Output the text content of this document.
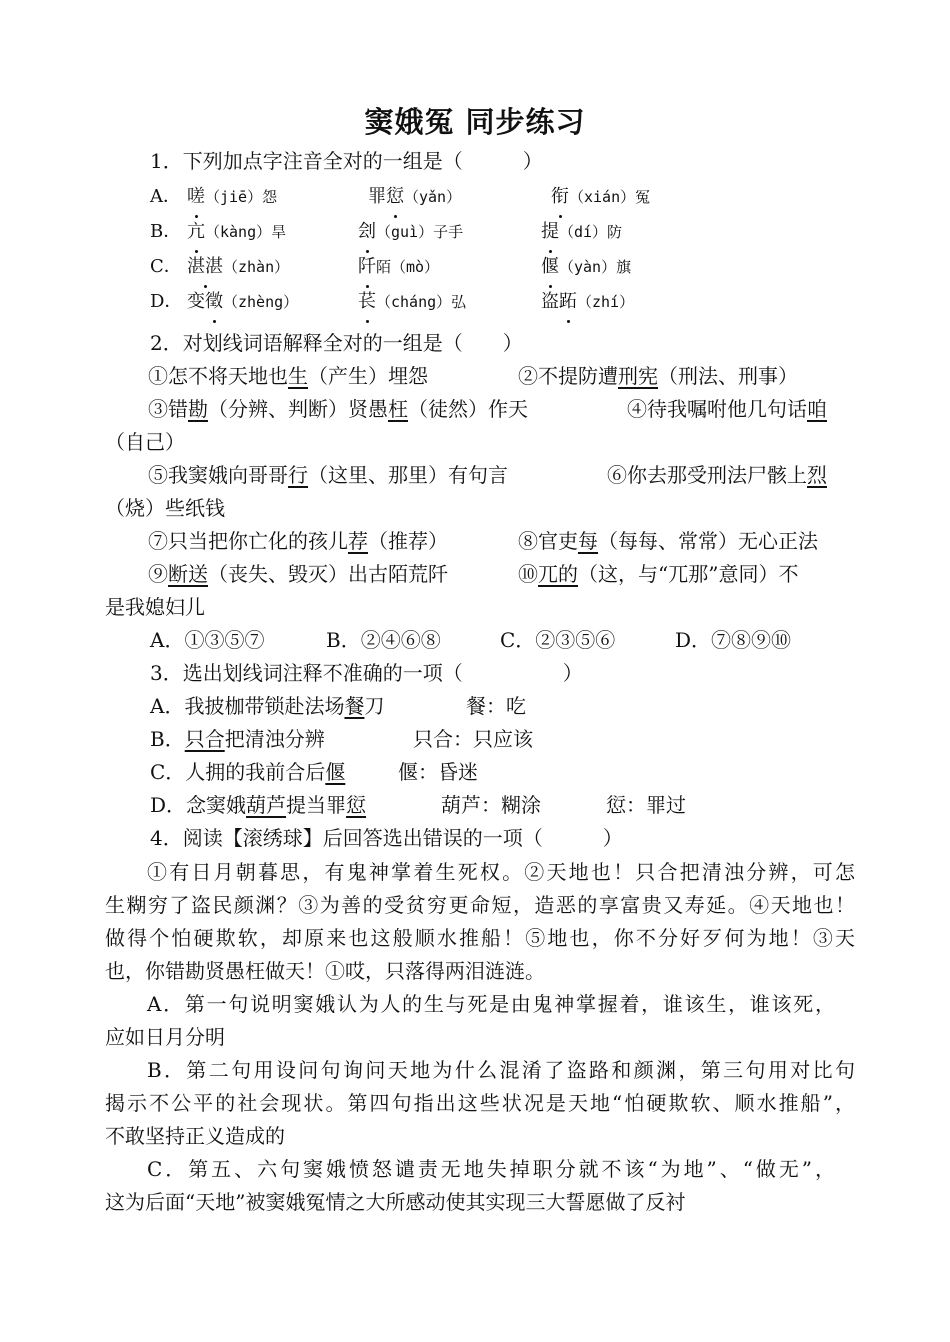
窦娥冤 同步练习
1．下列加点字注音全对的一组是（　　　）
A． 嗟（jiē）怨	罪愆（yǎn）	衔（xián）冤
B． 亢（kàng）旱	刽（guì）子手	提（dí）防
C． 湛湛（zhàn）	阡陌（mò）	偃（yàn）旗
D． 变徵（zhèng）	苌（cháng）弘	盗跖（zhí）
2．对划线词语解释全对的一组是（　　）
①怎不将天地也生（产生）埋怨	②不提防遭刑宪（刑法、刑事）
③错勘（分辨、判断）贤愚枉（徒然）作天	④待我嘱咐他几句话咱
（自己）
⑤我窦娥向哥哥行（这里、那里）有句言	⑥你去那受刑法尸骸上烈
（烧）些纸钱
⑦只当把你亡化的孩儿荐（推荐）	⑧官吏每（每每、常常）无心正法
⑨断送（丧失、毁灭）出古陌荒阡	⑩兀的（这，与“兀那”意同）不
是我媳妇儿
A．①③⑤⑦	B．②④⑥⑧	C．②③⑤⑥	D．⑦⑧⑨⑩
3．选出划线词注释不准确的一项（　　　　　）
A．我披枷带锁赴法场餐刀	餐：吃
B．只合把清浊分辨	只合：只应该
C．人拥的我前合后偃	偃：昏迷
D．念窦娥葫芦提当罪愆	葫芦：糊涂	愆：罪过
4．阅读【滚绣球】后回答选出错误的一项（　　　）
①有日月朝暮思，有鬼神掌着生死权。②天地也！只合把清浊分辨，可怎
生糊穷了盗民颜渊？③为善的受贫穷更命短，造恶的享富贵又寿延。④天地也！
做得个怕硬欺软，却原来也这般顺水推船！⑤地也，你不分好歹何为地！③天
也，你错勘贤愚枉做天！①哎，只落得两泪涟涟。
A．第一句说明窦娥认为人的生与死是由鬼神掌握着，谁该生，谁该死，
应如日月分明
B．第二句用设问句询问天地为什么混淆了盗路和颜渊，第三句用对比句
揭示不公平的社会现状。第四句指出这些状况是天地“怕硬欺软、顺水推船”，
不敢坚持正义造成的
C．第五、六句窦娥愤怒谴责无地失掉职分就不该“为地”、“做无”，
这为后面“天地”被窦娥冤情之大所感动使其实现三大誓愿做了反衬
